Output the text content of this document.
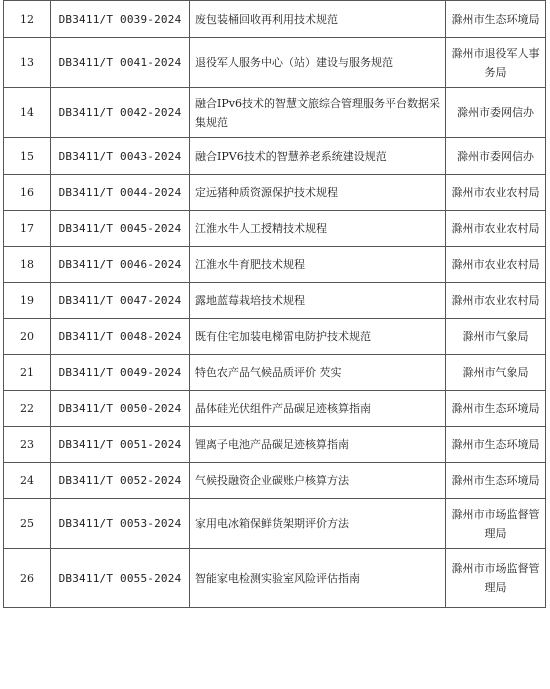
12	DB3411/T 0039-2024	废包装桶回收再利用技术规范	滁州市生态环境局
13	DB3411/T 0041-2024	退役军人服务中心（站）建设与服务规范	滁州市退役军人事务局
14	DB3411/T 0042-2024	融合IPv6技术的智慧文旅综合管理服务平台数据采集规范	滁州市委网信办
15	DB3411/T 0043-2024	融合IPV6技术的智慧养老系统建设规范	滁州市委网信办
16	DB3411/T 0044-2024	定远猪种质资源保护技术规程	滁州市农业农村局
17	DB3411/T 0045-2024	江淮水牛人工授精技术规程	滁州市农业农村局
18	DB3411/T 0046-2024	江淮水牛育肥技术规程	滁州市农业农村局
19	DB3411/T 0047-2024	露地蓝莓栽培技术规程	滁州市农业农村局
20	DB3411/T 0048-2024	既有住宅加装电梯雷电防护技术规范	滁州市气象局
21	DB3411/T 0049-2024	特色农产品气候品质评价 芡实	滁州市气象局
22	DB3411/T 0050-2024	晶体硅光伏组件产品碳足迹核算指南	滁州市生态环境局
23	DB3411/T 0051-2024	锂离子电池产品碳足迹核算指南	滁州市生态环境局
24	DB3411/T 0052-2024	气候投融资企业碳账户核算方法	滁州市生态环境局
25	DB3411/T 0053-2024	家用电冰箱保鲜货架期评价方法	滁州市市场监督管理局
26	DB3411/T 0055-2024	智能家电检测实验室风险评估指南	滁州市市场监督管理局
